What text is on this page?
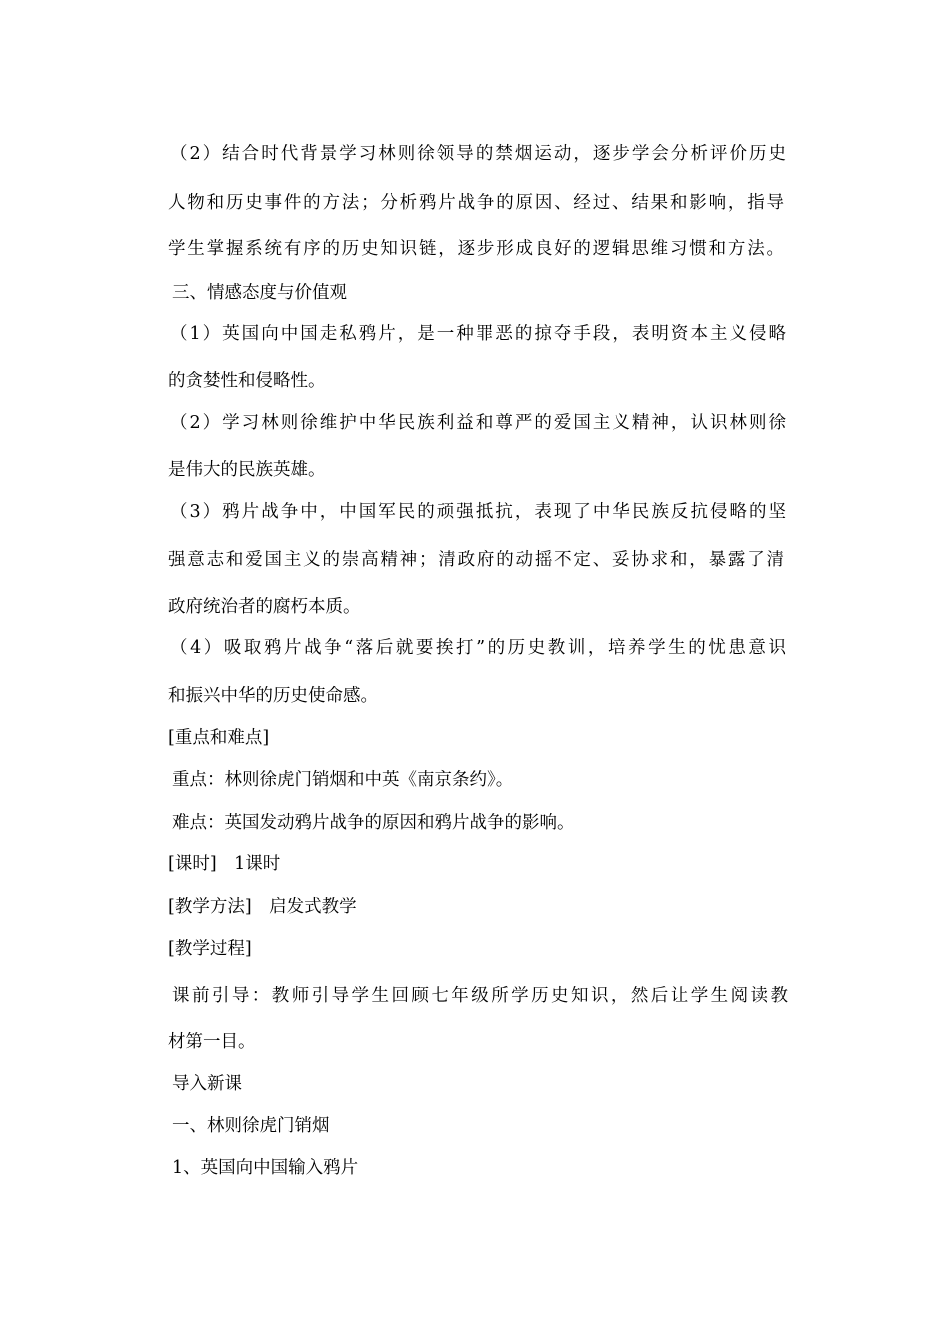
（2）结合时代背景学习林则徐领导的禁烟运动，逐步学会分析评价历史

人物和历史事件的方法；分析鸦片战争的原因、经过、结果和影响，指导

学生掌握系统有序的历史知识链，逐步形成良好的逻辑思维习惯和方法。

三、情感态度与价值观

（1）英国向中国走私鸦片，是一种罪恶的掠夺手段，表明资本主义侵略

的贪婪性和侵略性。

（2）学习林则徐维护中华民族利益和尊严的爱国主义精神，认识林则徐

是伟大的民族英雄。

（3）鸦片战争中，中国军民的顽强抵抗，表现了中华民族反抗侵略的坚

强意志和爱国主义的崇高精神；清政府的动摇不定、妥协求和，暴露了清

政府统治者的腐朽本质。

（4）吸取鸦片战争“落后就要挨打”的历史教训，培养学生的忧患意识

和振兴中华的历史使命感。

[重点和难点]

重点：林则徐虎门销烟和中英《南京条约》。

难点：英国发动鸦片战争的原因和鸦片战争的影响。

[课时]　1课时

[教学方法]　启发式教学

[教学过程]

课前引导：教师引导学生回顾七年级所学历史知识，然后让学生阅读教

材第一目。

导入新课

一、林则徐虎门销烟

1、英国向中国输入鸦片
